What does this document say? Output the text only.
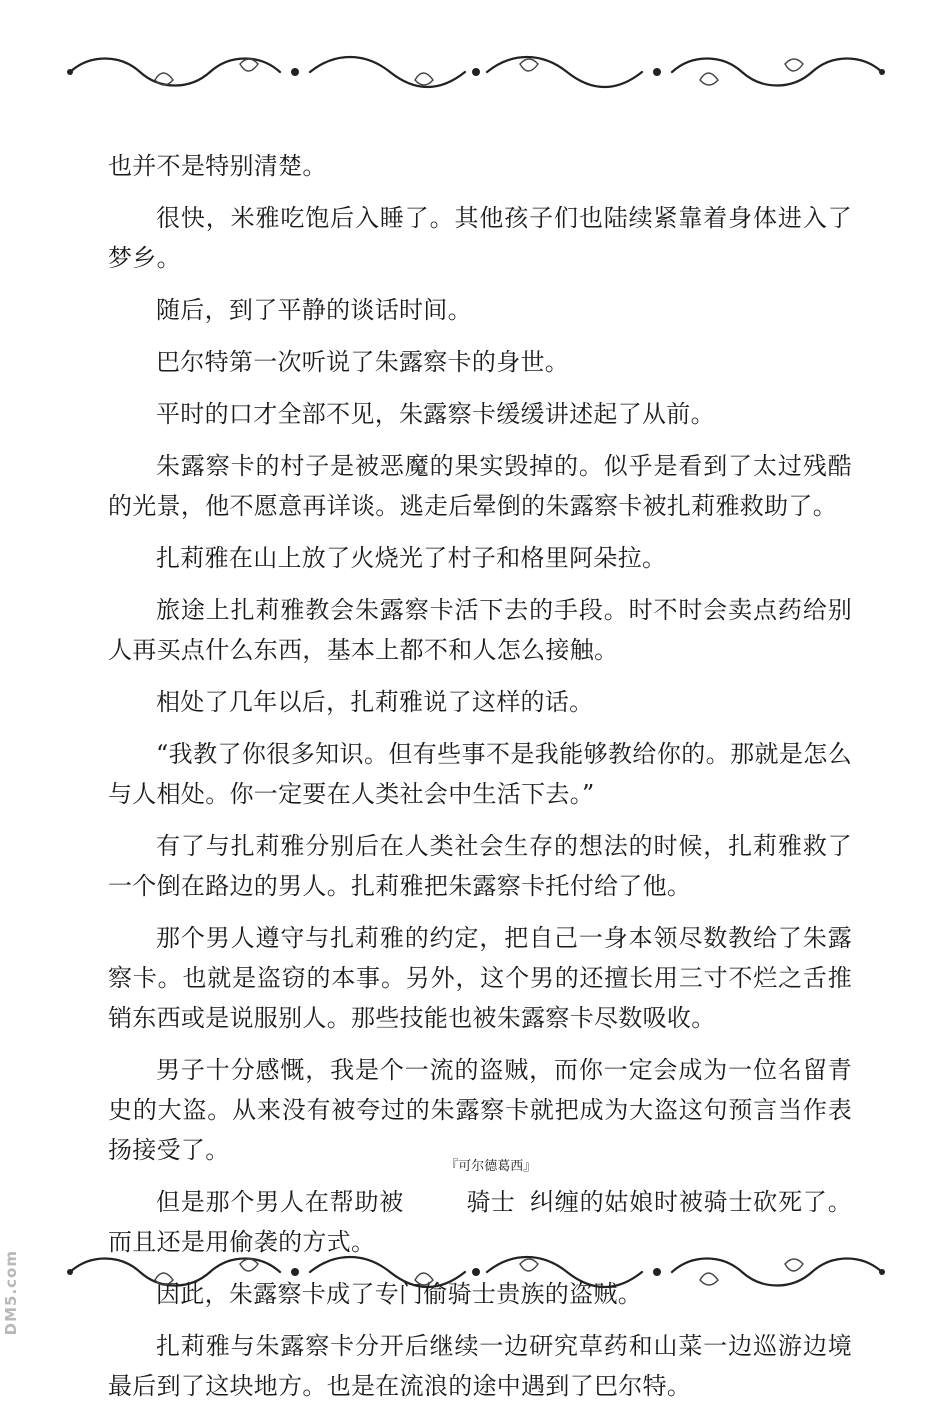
也并不是特别清楚。

很快，米雅吃饱后入睡了。其他孩子们也陆续紧靠着身体进入了梦乡。

随后，到了平静的谈话时间。

巴尔特第一次听说了朱露察卡的身世。

平时的口才全部不见，朱露察卡缓缓讲述起了从前。

朱露察卡的村子是被恶魔的果实毁掉的。似乎是看到了太过残酷的光景，他不愿意再详谈。逃走后晕倒的朱露察卡被扎莉雅救助了。

扎莉雅在山上放了火烧光了村子和格里阿朵拉。

旅途上扎莉雅教会朱露察卡活下去的手段。时不时会卖点药给别人再买点什么东西，基本上都不和人怎么接触。

相处了几年以后，扎莉雅说了这样的话。

“我教了你很多知识。但有些事不是我能够教给你的。那就是怎么与人相处。你一定要在人类社会中生活下去。”

有了与扎莉雅分别后在人类社会生存的想法的时候，扎莉雅救了一个倒在路边的男人。扎莉雅把朱露察卡托付给了他。

那个男人遵守与扎莉雅的约定，把自己一身本领尽数教给了朱露察卡。也就是盗窃的本事。另外，这个男的还擅长用三寸不烂之舌推销东西或是说服别人。那些技能也被朱露察卡尽数吸收。

男子十分感慨，我是个一流的盗贼，而你一定会成为一位名留青史的大盗。从来没有被夸过的朱露察卡就把成为大盗这句预言当作表扬接受了。

但是那个男人在帮助被
『可尔德葛西』
骑士 纠缠的姑娘时被骑士砍死了。而且还是用偷袭的方式。

因此，朱露察卡成了专门偷骑士贵族的盗贼。

扎莉雅与朱露察卡分开后继续一边研究草药和山菜一边巡游边境最后到了这块地方。也是在流浪的途中遇到了巴尔特。

DM5.com
